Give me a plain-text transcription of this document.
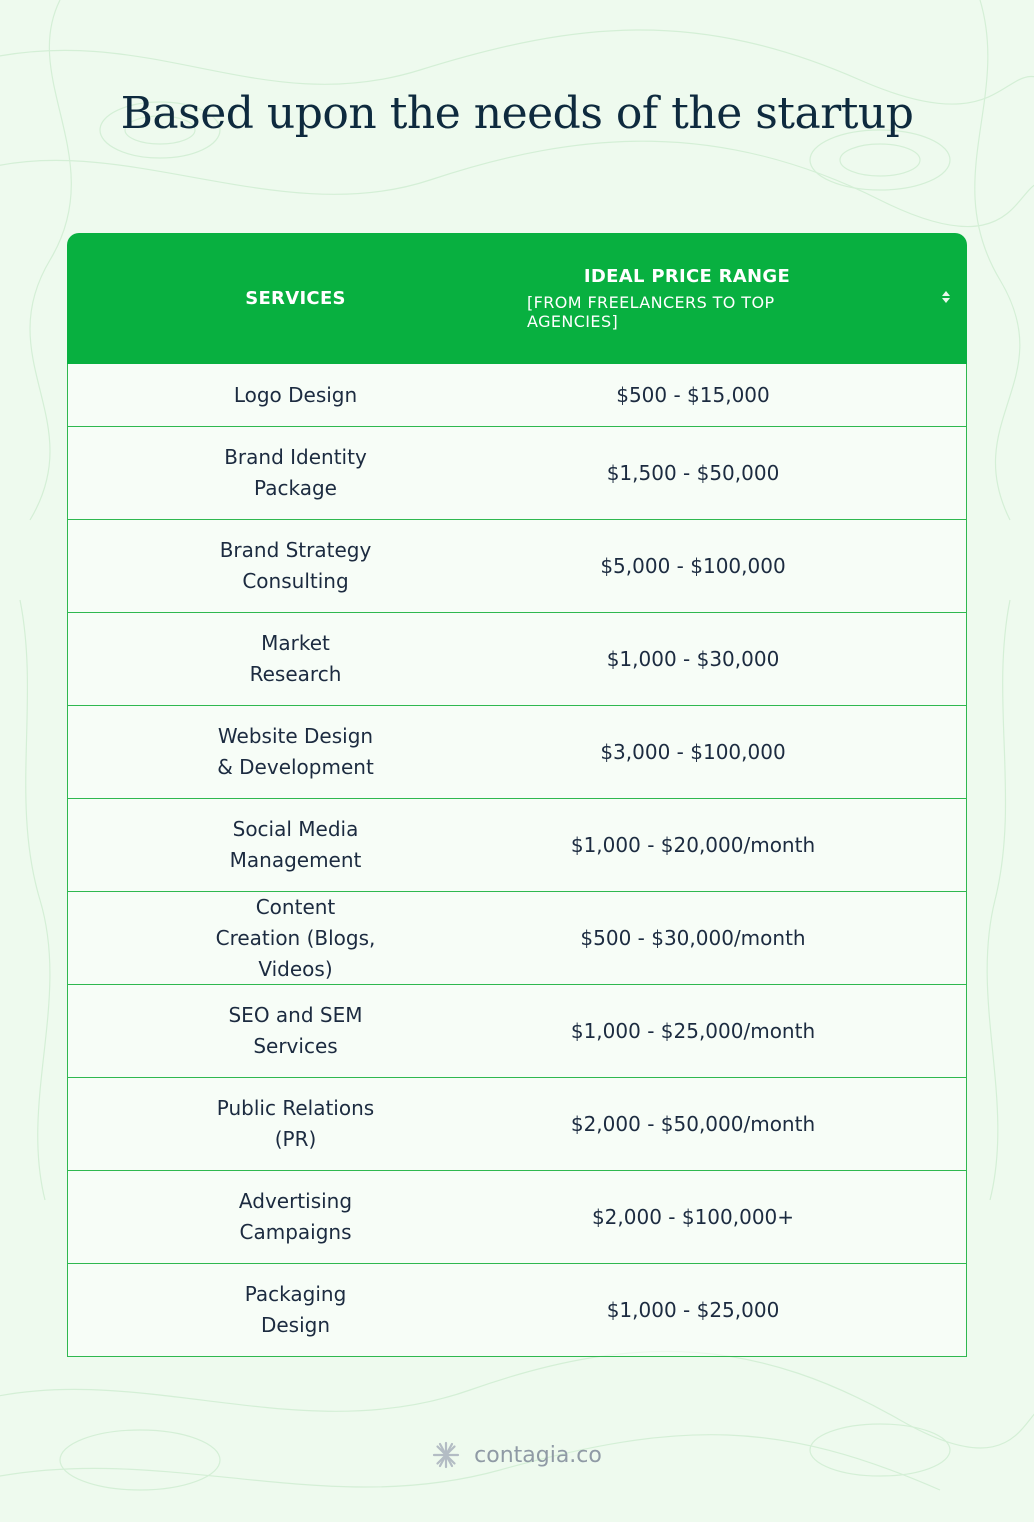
Based upon the needs of the startup
SERVICES
IDEAL PRICE RANGE
[FROM FREELANCERS TO TOP AGENCIES]
Logo Design	$500 - $15,000
Brand Identity Package
$1,500 - $50,000
Brand Strategy Consulting
$5,000 - $100,000
Market Research
$1,000 - $30,000
Website Design & Development
$3,000 - $100,000
Social Media Management
$1,000 - $20,000/month
Content Creation (Blogs, Videos)
$500 - $30,000/month
SEO and SEM Services
$1,000 - $25,000/month
Public Relations (PR)
$2,000 - $50,000/month
Advertising Campaigns
$2,000 - $100,000+
Packaging Design
$1,000 - $25,000
contagia.co
